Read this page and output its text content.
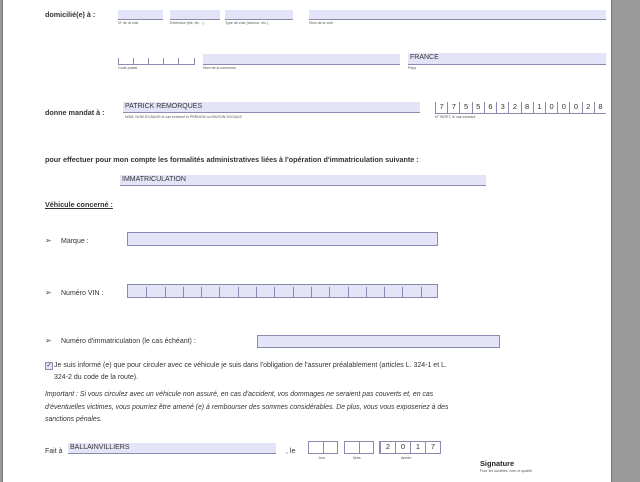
domicilié(e) à :
N° de la voie	Extension (bis, ter, ..)	Type de voie (avenue, etc.)	Nom de la voie
FRANCE
Code postal	Nom de la commune	Pays
donne mandat à :
PATRICK REMORQUES
NOM, NOM D'USAGE le cas échéant et PRÉNOM ou RAISON SOCIALE
7	7	5	5	6	3	2	8	1	0	0	0	2	8
N° SIRET, le cas échéant
pour effectuer pour mon compte les formalités administratives liées à l'opération d'immatriculation suivante :
IMMATRICULATION
Véhicule concerné :
➢ Marque :
➢ Numéro VIN :
➢ Numéro d'immatriculation (le cas échéant) :
✓ Je suis informé (e) que pour circuler avec ce véhicule je suis dans l'obligation de l'assurer préalablement (articles L. 324-1 et L.
324-2 du code de la route).
Important : Si vous circulez avec un véhicule non assuré, en cas d'accident, vos dommages ne seraient pas couverts et, en cas
d'éventuelles victimes, vous pourriez être amené (e) à rembourser des sommes considérables. De plus, vous vous exposeriez à des
sanctions pénales.
Fait à
BALLAINVILLIERS
, le
2	0	1	7
Jour	Mois	Année
Signature
Pour les sociétés, nom et qualité
